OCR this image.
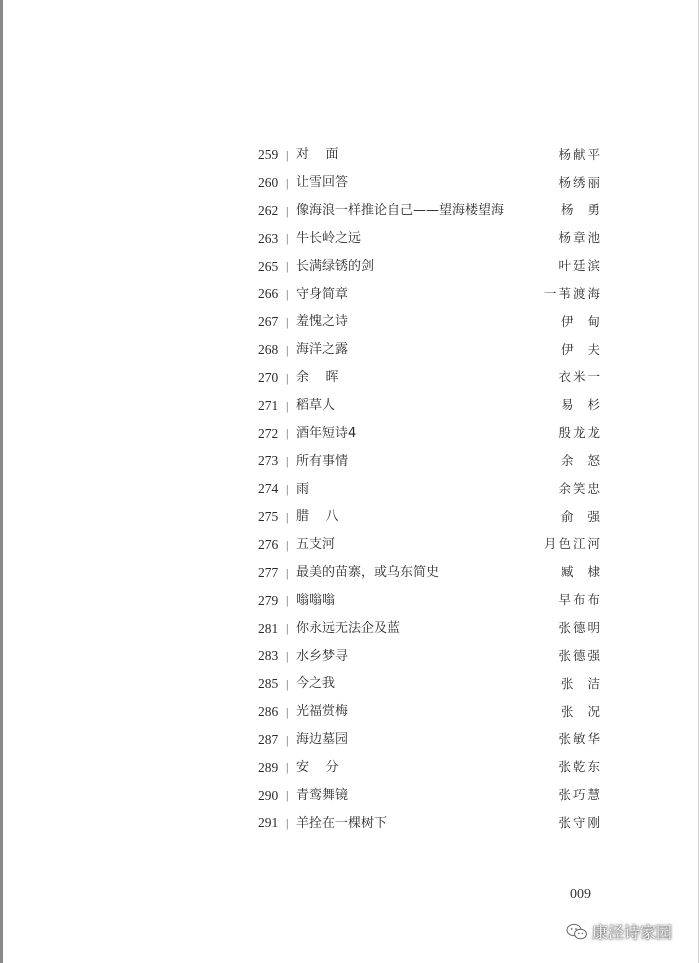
259 | 对    面	杨献平
260 | 让雪回答	杨绣丽
262 | 像海浪一样推论自己——望海楼望海	杨  勇
263 | 牛长岭之远	杨章池
265 | 长满绿锈的剑	叶廷滨
266 | 守身简章	一苇渡海
267 | 羞愧之诗	伊  甸
268 | 海洋之露	伊  夫
270 | 余    晖	衣米一
271 | 稻草人	易  杉
272 | 酒年短诗4	殷龙龙
273 | 所有事情	余  怒
274 | 雨	余笑忠
275 | 腊    八	俞  强
276 | 五支河	月色江河
277 | 最美的苗寨，或乌东简史	臧  棣
279 | 嗡嗡嗡	早布布
281 | 你永远无法企及蓝	张德明
283 | 水乡梦寻	张德强
285 | 今之我	张  洁
286 | 光福赏梅	张  况
287 | 海边墓园	张敏华
289 | 安    分	张乾东
290 | 青鸾舞镜	张巧慧
291 | 羊拴在一棵树下	张守刚
009
康泾诗家园
